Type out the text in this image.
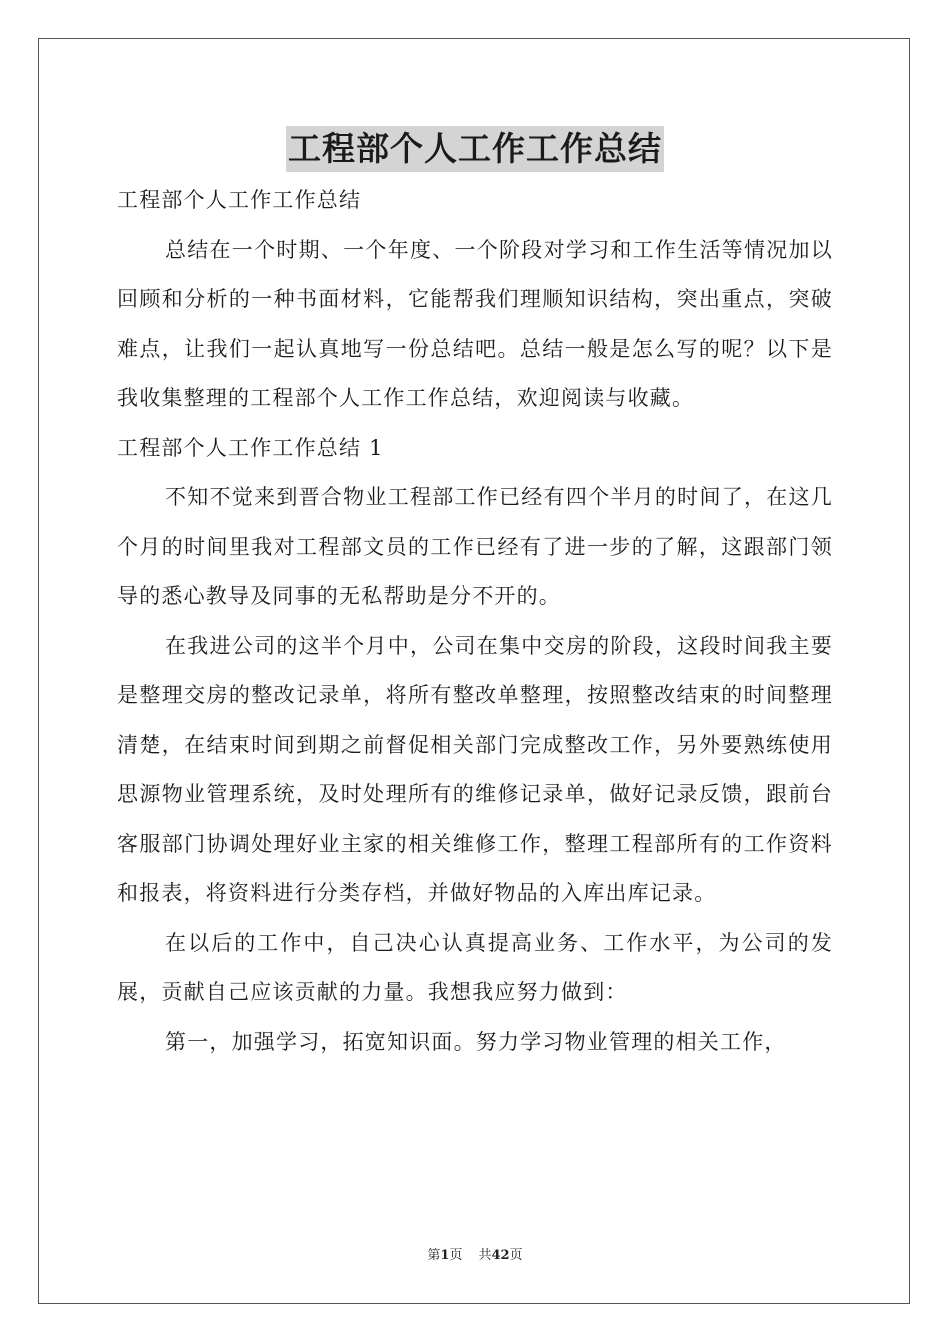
工程部个人工作工作总结

工程部个人工作工作总结

总结在一个时期、一个年度、一个阶段对学习和工作生活等情况加以回顾和分析的一种书面材料，它能帮我们理顺知识结构，突出重点，突破难点，让我们一起认真地写一份总结吧。总结一般是怎么写的呢？以下是我收集整理的工程部个人工作工作总结，欢迎阅读与收藏。

工程部个人工作工作总结 1

不知不觉来到晋合物业工程部工作已经有四个半月的时间了，在这几个月的时间里我对工程部文员的工作已经有了进一步的了解，这跟部门领导的悉心教导及同事的无私帮助是分不开的。

在我进公司的这半个月中，公司在集中交房的阶段，这段时间我主要是整理交房的整改记录单，将所有整改单整理，按照整改结束的时间整理清楚，在结束时间到期之前督促相关部门完成整改工作，另外要熟练使用思源物业管理系统，及时处理所有的维修记录单，做好记录反馈，跟前台客服部门协调处理好业主家的相关维修工作，整理工程部所有的工作资料和报表，将资料进行分类存档，并做好物品的入库出库记录。

在以后的工作中，自己决心认真提高业务、工作水平，为公司的发展，贡献自己应该贡献的力量。我想我应努力做到：

第一，加强学习，拓宽知识面。努力学习物业管理的相关工作，

第1页 共42页
